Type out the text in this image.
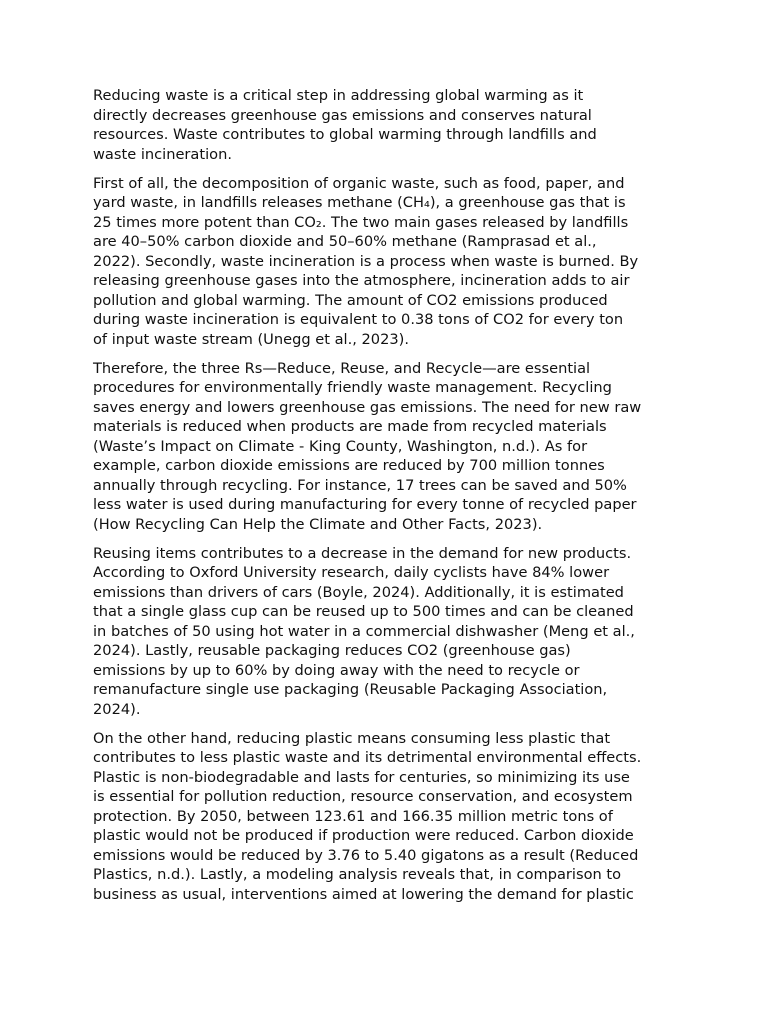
Reducing waste is a critical step in addressing global warming as it
directly decreases greenhouse gas emissions and conserves natural
resources. Waste contributes to global warming through landfills and
waste incineration.

First of all, the decomposition of organic waste, such as food, paper, and
yard waste, in landfills releases methane (CH₄), a greenhouse gas that is
25 times more potent than CO₂. The two main gases released by landfills
are 40–50% carbon dioxide and 50–60% methane (Ramprasad et al.,
2022). Secondly, waste incineration is a process when waste is burned. By
releasing greenhouse gases into the atmosphere, incineration adds to air
pollution and global warming. The amount of CO2 emissions produced
during waste incineration is equivalent to 0.38 tons of CO2 for every ton
of input waste stream (Unegg et al., 2023).

Therefore, the three Rs—Reduce, Reuse, and Recycle—are essential
procedures for environmentally friendly waste management. Recycling
saves energy and lowers greenhouse gas emissions. The need for new raw
materials is reduced when products are made from recycled materials
(Waste’s Impact on Climate - King County, Washington, n.d.). As for
example, carbon dioxide emissions are reduced by 700 million tonnes
annually through recycling. For instance, 17 trees can be saved and 50%
less water is used during manufacturing for every tonne of recycled paper
(How Recycling Can Help the Climate and Other Facts, 2023).

Reusing items contributes to a decrease in the demand for new products.
According to Oxford University research, daily cyclists have 84% lower
emissions than drivers of cars (Boyle, 2024). Additionally, it is estimated
that a single glass cup can be reused up to 500 times and can be cleaned
in batches of 50 using hot water in a commercial dishwasher (Meng et al.,
2024). Lastly, reusable packaging reduces CO2 (greenhouse gas)
emissions by up to 60% by doing away with the need to recycle or
remanufacture single use packaging (Reusable Packaging Association,
2024).

On the other hand, reducing plastic means consuming less plastic that
contributes to less plastic waste and its detrimental environmental effects.
Plastic is non-biodegradable and lasts for centuries, so minimizing its use
is essential for pollution reduction, resource conservation, and ecosystem
protection. By 2050, between 123.61 and 166.35 million metric tons of
plastic would not be produced if production were reduced. Carbon dioxide
emissions would be reduced by 3.76 to 5.40 gigatons as a result (Reduced
Plastics, n.d.). Lastly, a modeling analysis reveals that, in comparison to
business as usual, interventions aimed at lowering the demand for plastic
